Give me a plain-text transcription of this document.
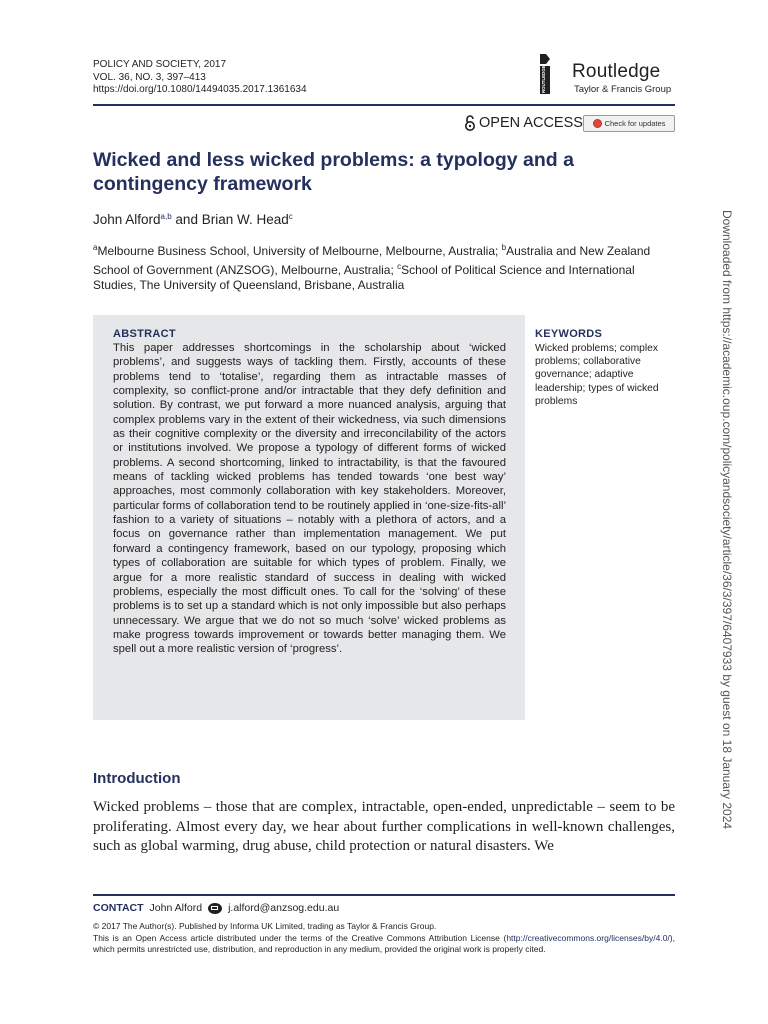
POLICY AND SOCIETY, 2017
VOL. 36, NO. 3, 397–413
https://doi.org/10.1080/14494035.2017.1361634	ROUTLEDGE Routledge
Taylor & Francis Group
OPEN ACCESS	Check for updates
Wicked and less wicked problems: a typology and a contingency framework
John Alford$^{a,b}$ and Brian W. Head$^c$
$^a$Melbourne Business School, University of Melbourne, Melbourne, Australia; $^b$Australia and New Zealand School of Government (ANZSOG), Melbourne, Australia; $^c$School of Political Science and International Studies, The University of Queensland, Brisbane, Australia
ABSTRACT
This paper addresses shortcomings in the scholarship about ‘wicked problems’, and suggests ways of tackling them. Firstly, accounts of these problems tend to ‘totalise’, regarding them as intractable masses of complexity, so conflict-prone and/or intractable that they defy definition and solution. By contrast, we put forward a more nuanced analysis, arguing that complex problems vary in the extent of their wickedness, via such dimensions as their cognitive complexity or the diversity and irreconcilability of the actors or institutions involved. We propose a typology of different forms of wicked problems. A second shortcoming, linked to intractability, is that the favoured means of tackling wicked problems has tended towards ‘one best way’ approaches, most commonly collaboration with key stakeholders. Moreover, particular forms of collaboration tend to be routinely applied in ‘one-size-fits-all’ fashion to a variety of situations – notably with a plethora of actors, and a focus on governance rather than implementation management. We put forward a contingency framework, based on our typology, proposing which types of collaboration are suitable for which types of problem. Finally, we argue for a more realistic standard of success in dealing with wicked problems, especially the most difficult ones. To call for the ‘solving’ of these problems is to set up a standard which is not only impossible but also perhaps unnecessary. We argue that we do not so much ‘solve’ wicked problems as make progress towards improvement or towards better managing them. We spell out a more realistic version of ‘progress’.
KEYWORDS
Wicked problems; complex problems; collaborative governance; adaptive leadership; types of wicked problems	Downloaded from https://academic.oup.com/policyandsociety/article/36/3/397/6407933 by guest on 18 January 2024
Introduction
Wicked problems – those that are complex, intractable, open-ended, unpredictable – seem to be proliferating. Almost every day, we hear about further complications in well-known challenges, such as global warming, drug abuse, child protection or natural disasters. We
CONTACT John Alford j.alford@anzsog.edu.au
© 2017 The Author(s). Published by Informa UK Limited, trading as Taylor & Francis Group.
This is an Open Access article distributed under the terms of the Creative Commons Attribution License (http://creativecommons.org/licenses/by/4.0/), which permits unrestricted use, distribution, and reproduction in any medium, provided the original work is properly cited.
